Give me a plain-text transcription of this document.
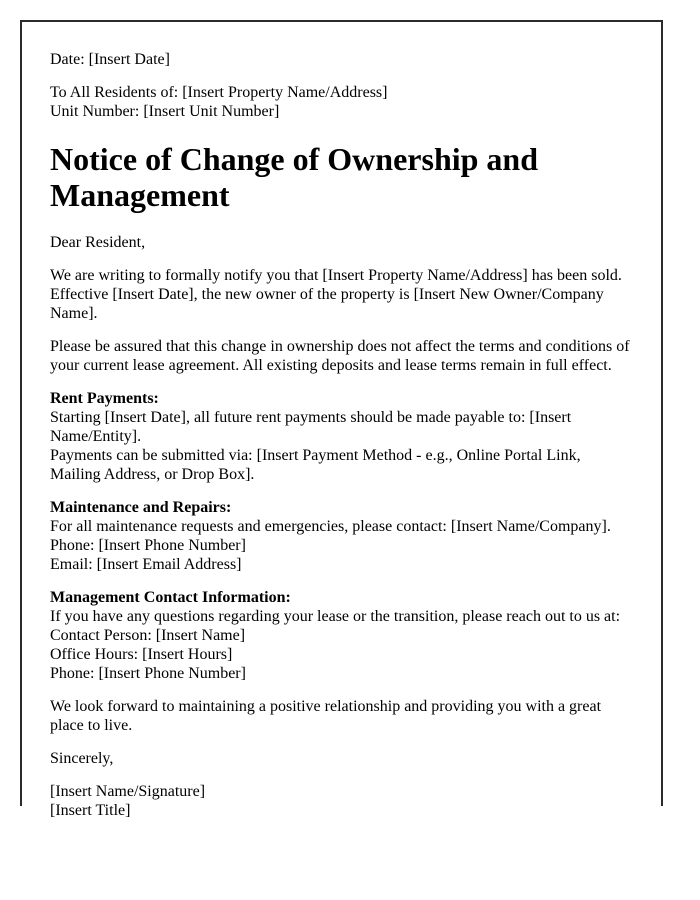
Date: [Insert Date]
To All Residents of: [Insert Property Name/Address]
Unit Number: [Insert Unit Number]
Notice of Change of Ownership and
Management
Dear Resident,
We are writing to formally notify you that [Insert Property Name/Address] has been sold.
Effective [Insert Date], the new owner of the property is [Insert New Owner/Company
Name].
Please be assured that this change in ownership does not affect the terms and conditions of
your current lease agreement. All existing deposits and lease terms remain in full effect.
Rent Payments:
Starting [Insert Date], all future rent payments should be made payable to: [Insert
Name/Entity].
Payments can be submitted via: [Insert Payment Method - e.g., Online Portal Link,
Mailing Address, or Drop Box].
Maintenance and Repairs:
For all maintenance requests and emergencies, please contact: [Insert Name/Company].
Phone: [Insert Phone Number]
Email: [Insert Email Address]
Management Contact Information:
If you have any questions regarding your lease or the transition, please reach out to us at:
Contact Person: [Insert Name]
Office Hours: [Insert Hours]
Phone: [Insert Phone Number]
We look forward to maintaining a positive relationship and providing you with a great
place to live.
Sincerely,
[Insert Name/Signature]
[Insert Title]
